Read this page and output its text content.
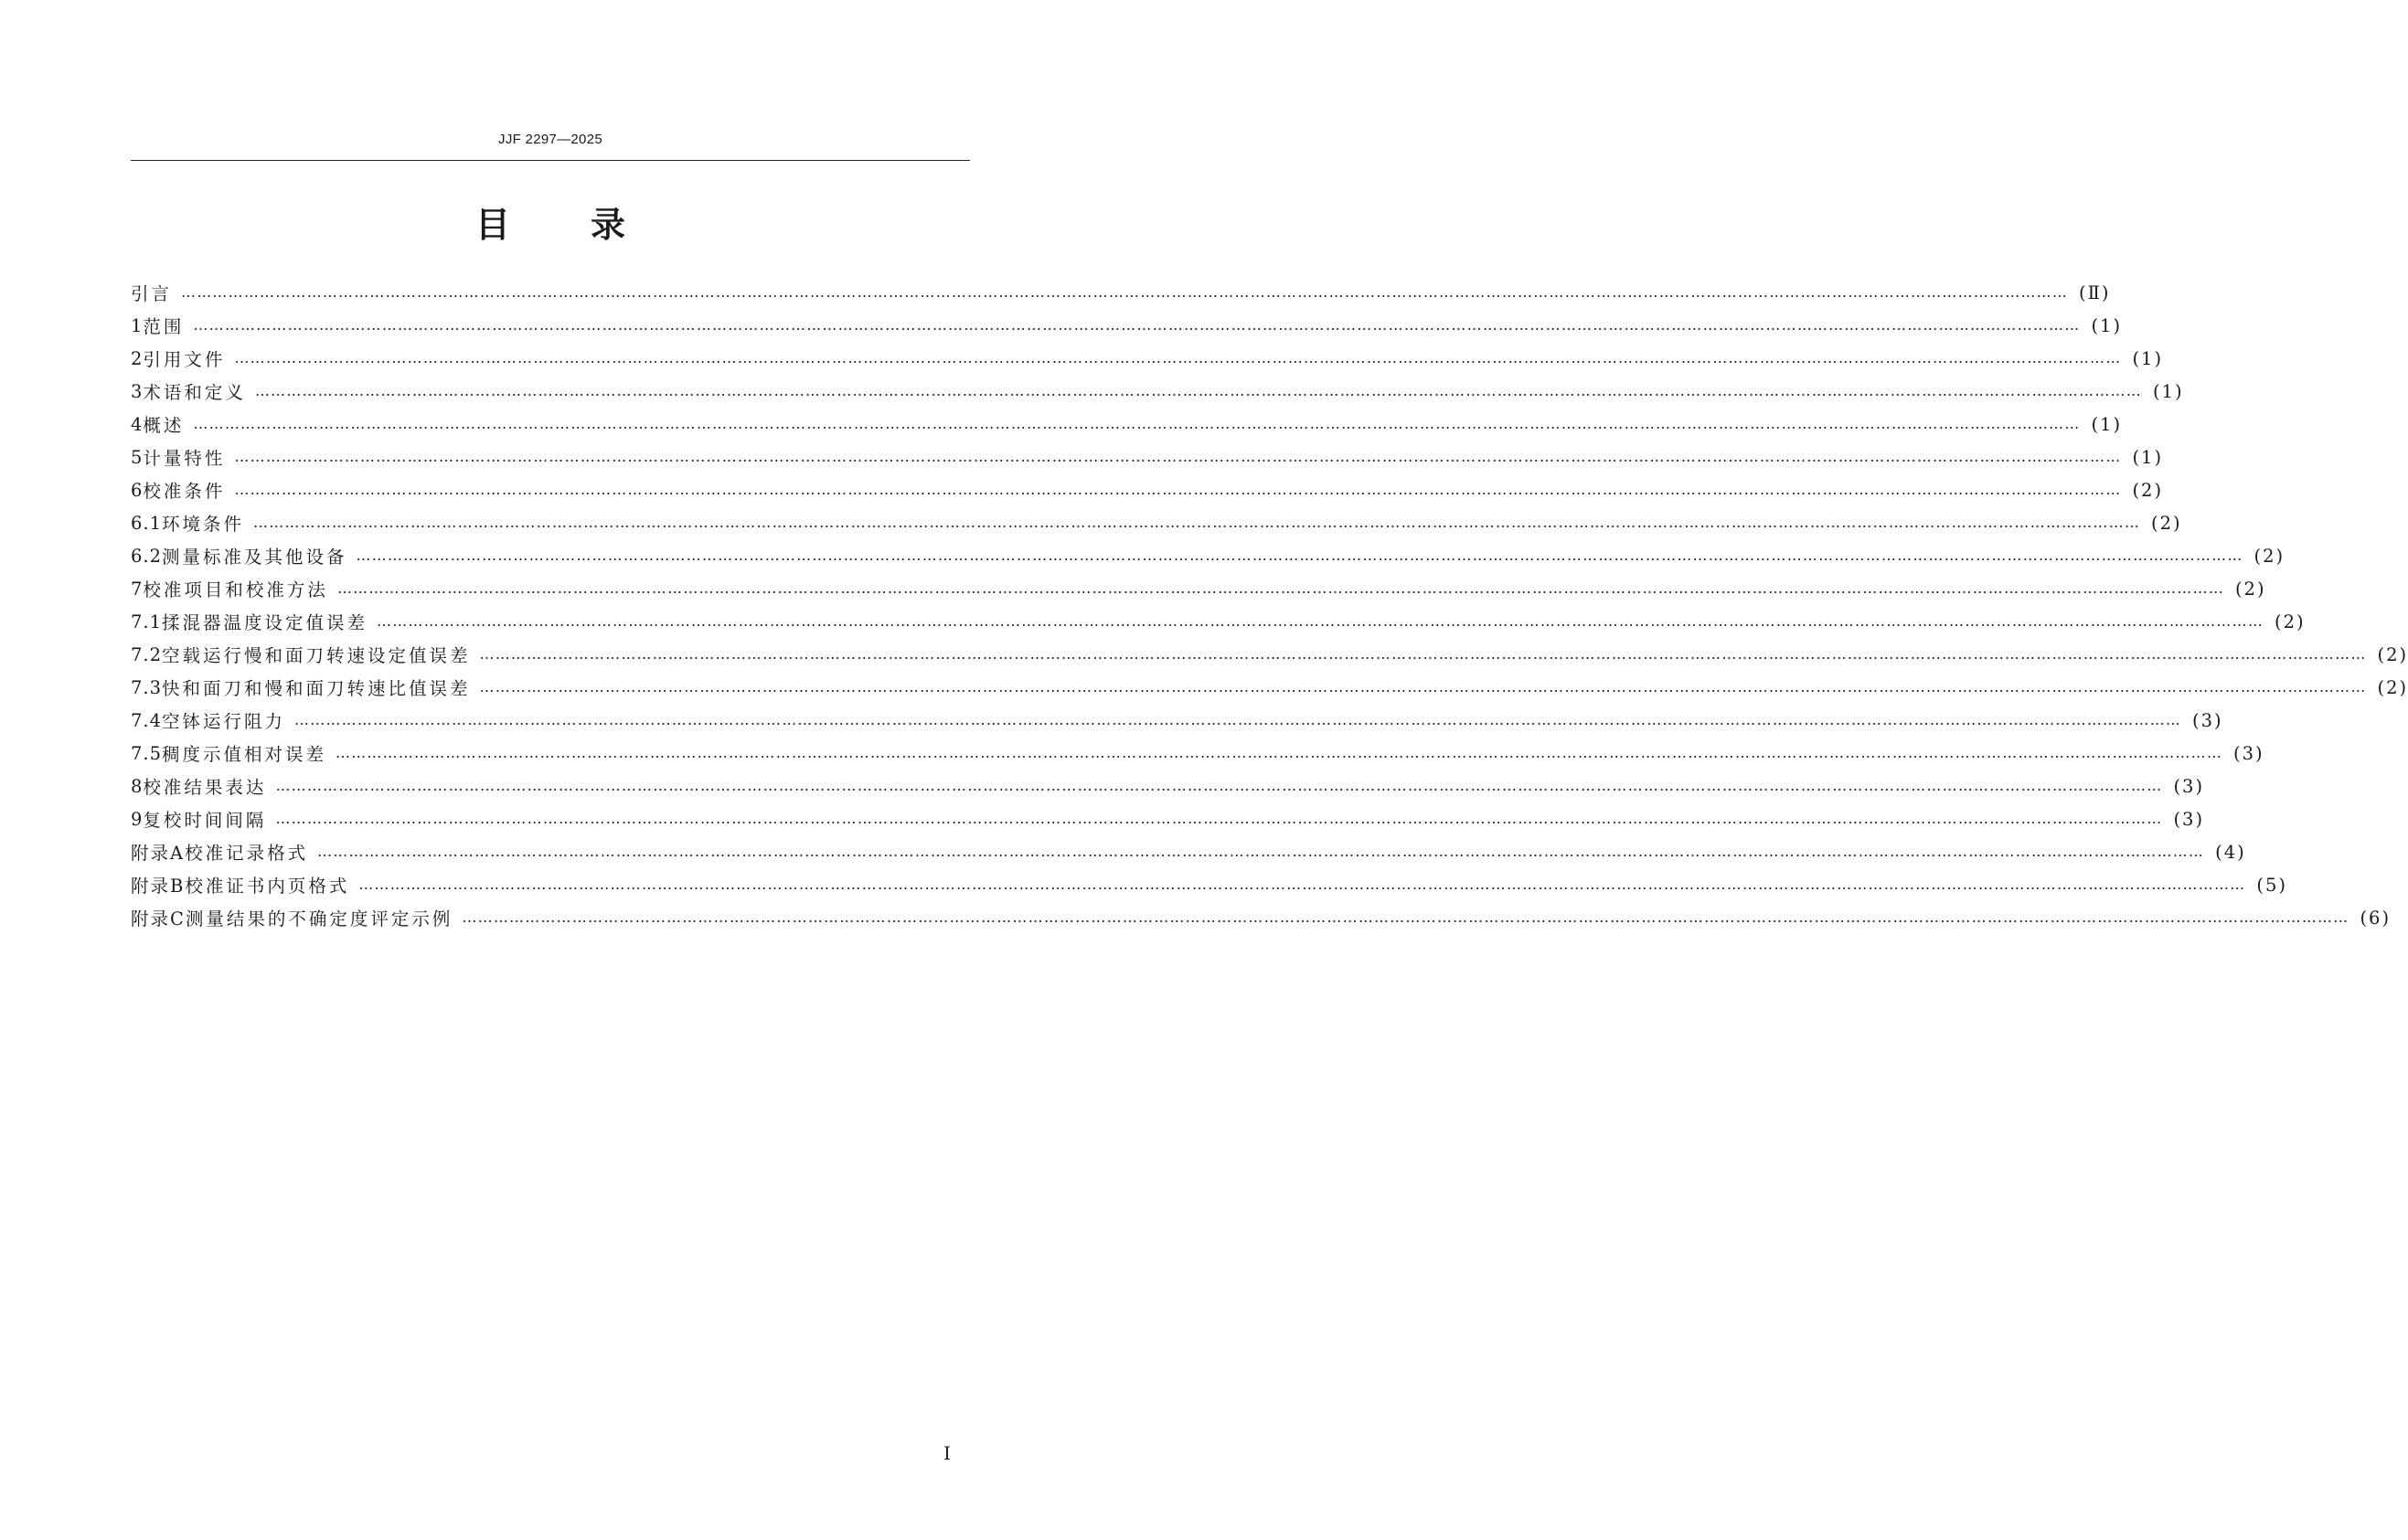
JJF 2297—2025
目录
引言 ……………………………………………………………………………………………………………………………………………………………………………………………………………………………………………………………………………………………………………………………… (Ⅱ)
1 范围 ……………………………………………………………………………………………………………………………………………………………………………………………………………………………………………………………………………………………………………………………… (1)
2 引用文件 ……………………………………………………………………………………………………………………………………………………………………………………………………………………………………………………………………………………………………………………………… (1)
3 术语和定义 ……………………………………………………………………………………………………………………………………………………………………………………………………………………………………………………………………………………………………………………………… (1)
4 概述 ……………………………………………………………………………………………………………………………………………………………………………………………………………………………………………………………………………………………………………………………… (1)
5 计量特性 ……………………………………………………………………………………………………………………………………………………………………………………………………………………………………………………………………………………………………………………………… (1)
6 校准条件 ……………………………………………………………………………………………………………………………………………………………………………………………………………………………………………………………………………………………………………………………… (2)
6.1 环境条件 ……………………………………………………………………………………………………………………………………………………………………………………………………………………………………………………………………………………………………………………………… (2)
6.2 测量标准及其他设备 ……………………………………………………………………………………………………………………………………………………………………………………………………………………………………………………………………………………………………………………………… (2)
7 校准项目和校准方法 ……………………………………………………………………………………………………………………………………………………………………………………………………………………………………………………………………………………………………………………………… (2)
7.1 揉混器温度设定值误差 ……………………………………………………………………………………………………………………………………………………………………………………………………………………………………………………………………………………………………………………………… (2)
7.2 空载运行慢和面刀转速设定值误差 ……………………………………………………………………………………………………………………………………………………………………………………………………………………………………………………………………………………………………………………………… (2)
7.3 快和面刀和慢和面刀转速比值误差 ……………………………………………………………………………………………………………………………………………………………………………………………………………………………………………………………………………………………………………………………… (2)
7.4 空钵运行阻力 ……………………………………………………………………………………………………………………………………………………………………………………………………………………………………………………………………………………………………………………………… (3)
7.5 稠度示值相对误差 ……………………………………………………………………………………………………………………………………………………………………………………………………………………………………………………………………………………………………………………………… (3)
8 校准结果表达 ……………………………………………………………………………………………………………………………………………………………………………………………………………………………………………………………………………………………………………………………… (3)
9 复校时间间隔 ……………………………………………………………………………………………………………………………………………………………………………………………………………………………………………………………………………………………………………………………… (3)
附录A 校准记录格式 ……………………………………………………………………………………………………………………………………………………………………………………………………………………………………………………………………………………………………………………………… (4)
附录B 校准证书内页格式 ……………………………………………………………………………………………………………………………………………………………………………………………………………………………………………………………………………………………………………………………… (5)
附录C 测量结果的不确定度评定示例 ……………………………………………………………………………………………………………………………………………………………………………………………………………………………………………………………………………………………………………………………… (6)
Ⅰ
